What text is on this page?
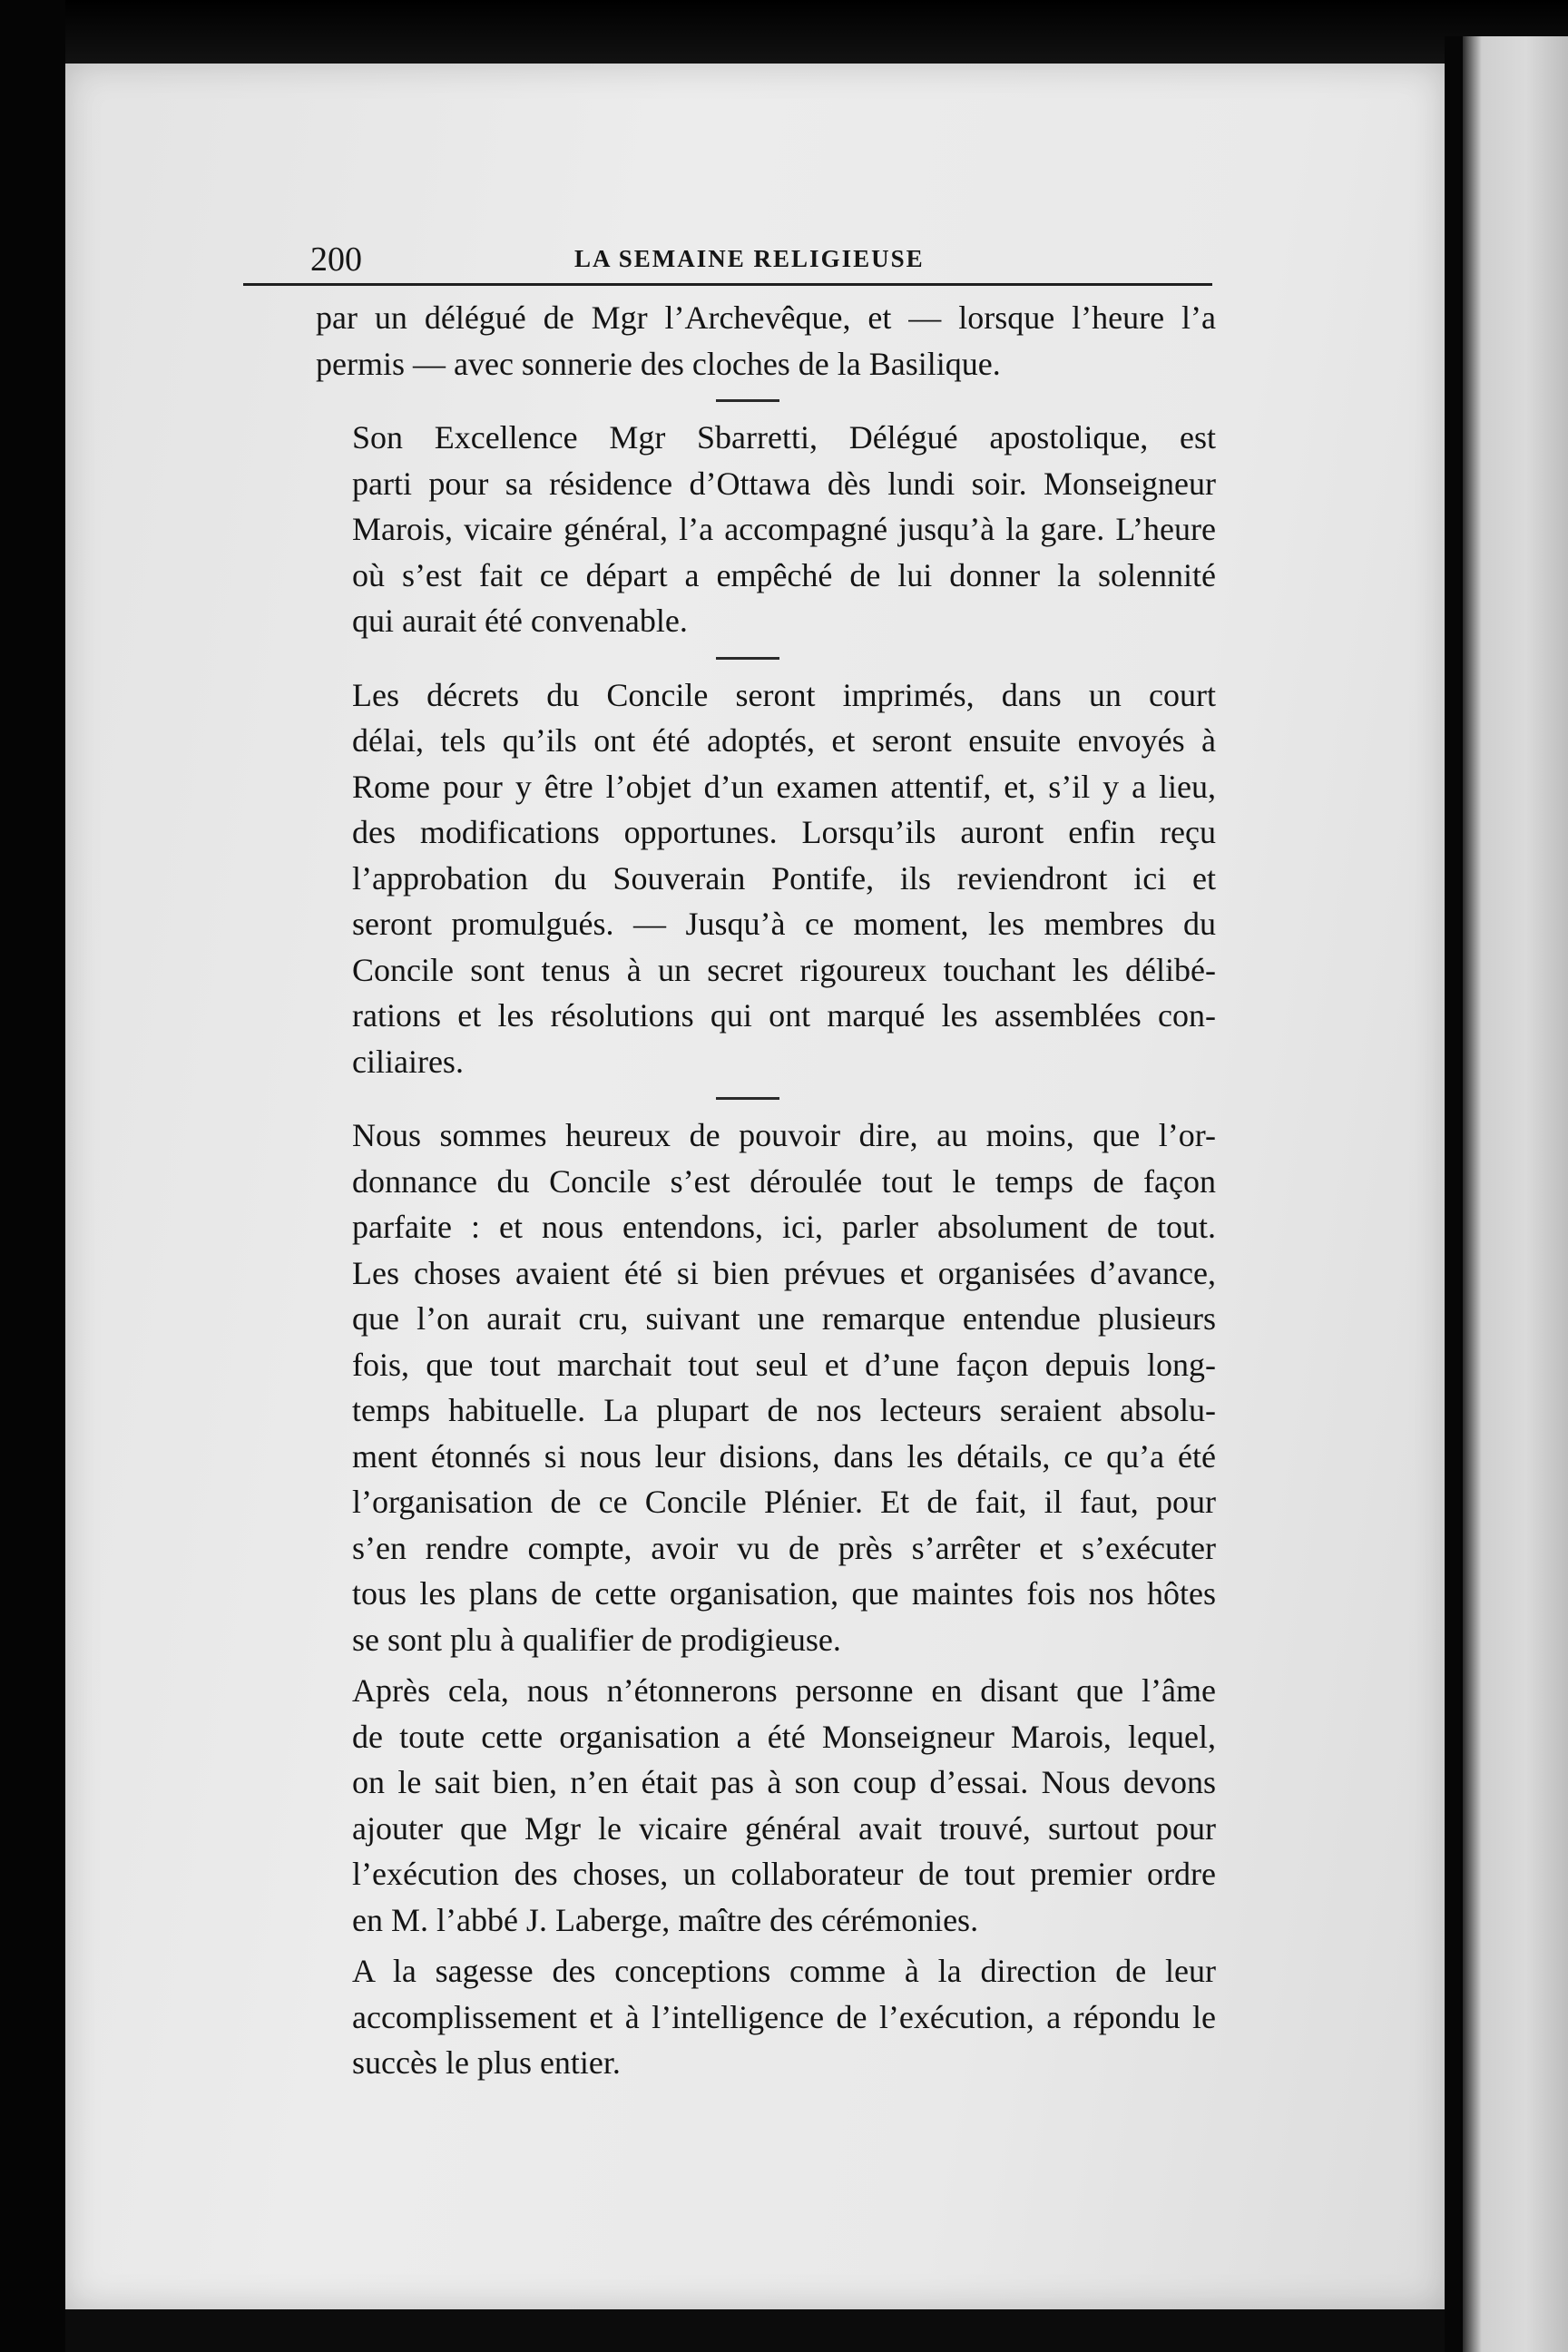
200	LA SEMAINE RELIGIEUSE

par un délégué de Mgr l’Archevêque, et — lorsque l’heure l’a
permis — avec sonnerie des cloches de la Basilique.

Son Excellence Mgr Sbarretti, Délégué apostolique, est
parti pour sa résidence d’Ottawa dès lundi soir. Monseigneur
Marois, vicaire général, l’a accompagné jusqu’à la gare. L’heure
où s’est fait ce départ a empêché de lui donner la solennité
qui aurait été convenable.

Les décrets du Concile seront imprimés, dans un court
délai, tels qu’ils ont été adoptés, et seront ensuite envoyés à
Rome pour y être l’objet d’un examen attentif, et, s’il y a lieu,
des modifications opportunes. Lorsqu’ils auront enfin reçu
l’approbation du Souverain Pontife, ils reviendront ici et
seront promulgués. — Jusqu’à ce moment, les membres du
Concile sont tenus à un secret rigoureux touchant les délibé-
rations et les résolutions qui ont marqué les assemblées con-
ciliaires.

Nous sommes heureux de pouvoir dire, au moins, que l’or-
donnance du Concile s’est déroulée tout le temps de façon
parfaite : et nous entendons, ici, parler absolument de tout.
Les choses avaient été si bien prévues et organisées d’avance,
que l’on aurait cru, suivant une remarque entendue plusieurs
fois, que tout marchait tout seul et d’une façon depuis long-
temps habituelle. La plupart de nos lecteurs seraient absolu-
ment étonnés si nous leur disions, dans les détails, ce qu’a été
l’organisation de ce Concile Plénier. Et de fait, il faut, pour
s’en rendre compte, avoir vu de près s’arrêter et s’exécuter
tous les plans de cette organisation, que maintes fois nos hôtes
se sont plu à qualifier de prodigieuse.

Après cela, nous n’étonnerons personne en disant que l’âme
de toute cette organisation a été Monseigneur Marois, lequel,
on le sait bien, n’en était pas à son coup d’essai. Nous devons
ajouter que Mgr le vicaire général avait trouvé, surtout pour
l’exécution des choses, un collaborateur de tout premier ordre
en M. l’abbé J. Laberge, maître des cérémonies.

A la sagesse des conceptions comme à la direction de leur
accomplissement et à l’intelligence de l’exécution, a répondu le
succès le plus entier.
